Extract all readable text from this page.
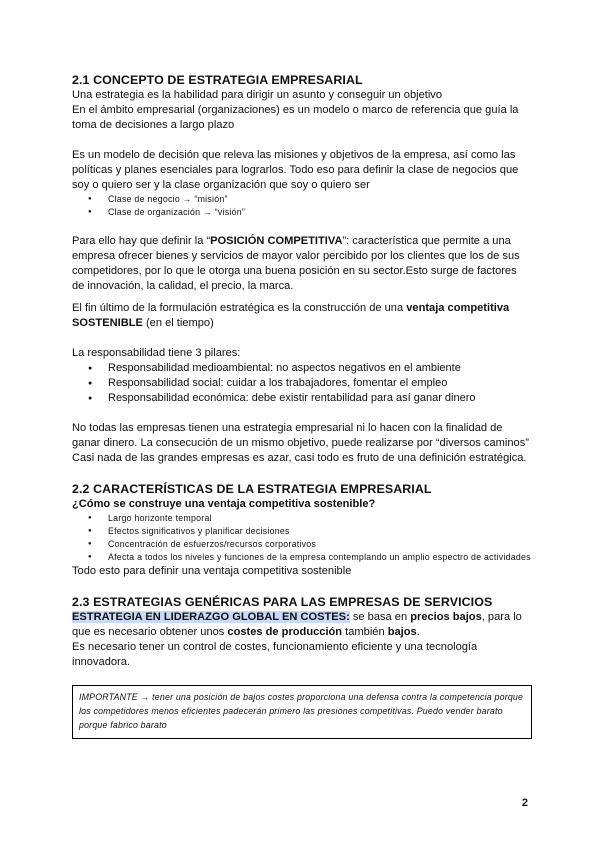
2.1 CONCEPTO DE ESTRATEGIA EMPRESARIAL

Una estrategia es la habilidad para dirigir un asunto y conseguir un objetivo

En el ámbito empresarial (organizaciones) es un modelo o marco de referencia que guía la toma de decisiones a largo plazo

Es un modelo de decisión que releva las misiones y objetivos de la empresa, así como las políticas y planes esenciales para lograrlos. Todo eso para definir la clase de negocios que soy o quiero ser y la clase organización que soy o quiero ser

● Clase de negocio → “misión”
● Clase de organización → “visión”

Para ello hay que definir la “POSICIÓN COMPETITIVA”: característica que permite a una empresa ofrecer bienes y servicios de mayor valor percibido por los clientes que los de sus competidores, por lo que le otorga una buena posición en su sector.Esto surge de factores de innovación, la calidad, el precio, la marca.

El fin último de la formulación estratégica es la construcción de una ventaja competitiva SOSTENIBLE (en el tiempo)

La responsabilidad tiene 3 pilares:

● Responsabilidad medioambiental: no aspectos negativos en el ambiente
● Responsabilidad social: cuidar a los trabajadores, fomentar el empleo
● Responsabilidad económica: debe existir rentabilidad para así ganar dinero

No todas las empresas tienen una estrategia empresarial ni lo hacen con la finalidad de ganar dinero. La consecución de un mismo objetivo, puede realizarse por “diversos caminos”

Casi nada de las grandes empresas es azar, casi todo es fruto de una definición estratégica.

2.2 CARACTERÍSTICAS DE LA ESTRATEGIA EMPRESARIAL

¿Cómo se construye una ventaja competitiva sostenible?

● Largo horizonte temporal
● Efectos significativos y planificar decisiones
● Concentración de esfuerzos/recursos corporativos
● Afecta a todos los niveles y funciones de la empresa contemplando un amplio espectro de actividades

Todo esto para definir una ventaja competitiva sostenible

2.3 ESTRATEGIAS GENÉRICAS PARA LAS EMPRESAS DE SERVICIOS

ESTRATEGIA EN LIDERAZGO GLOBAL EN COSTES: se basa en precios bajos, para lo que es necesario obtener unos costes de producción también bajos.

Es necesario tener un control de costes, funcionamiento eficiente y una tecnología innovadora.

IMPORTANTE → tener una posición de bajos costes proporciona una defensa contra la competencia porque los competidores menos eficientes padecerán primero las presiones competitivas. Puedo vender barato porque fabrico barato
2
